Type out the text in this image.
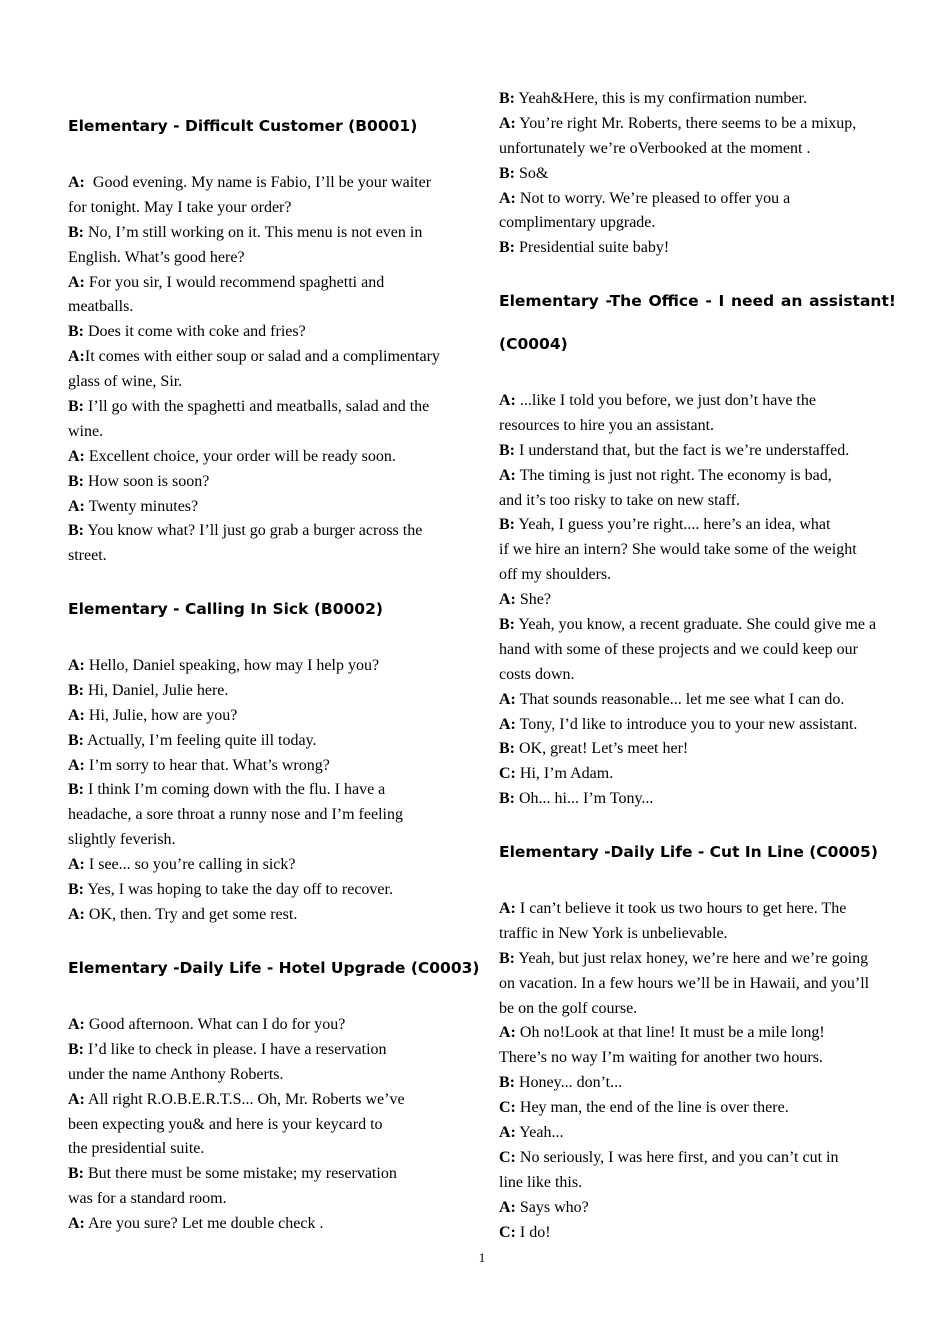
Elementary - Difficult Customer (B0001)
A:  Good evening. My name is Fabio, I’ll be your waiter
for tonight. May I take your order?
B: No, I’m still working on it. This menu is not even in
English. What’s good here?
A: For you sir, I would recommend spaghetti and
meatballs.
B: Does it come with coke and fries?
A:It comes with either soup or salad and a complimentary
glass of wine, Sir.
B: I’ll go with the spaghetti and meatballs, salad and the
wine.
A: Excellent choice, your order will be ready soon.
B: How soon is soon?
A: Twenty minutes?
B: You know what? I’ll just go grab a burger across the
street.
Elementary - Calling In Sick (B0002)
A: Hello, Daniel speaking, how may I help you?
B: Hi, Daniel, Julie here.
A: Hi, Julie, how are you?
B: Actually, I’m feeling quite ill today.
A: I’m sorry to hear that. What’s wrong?
B: I think I’m coming down with the flu. I have a
headache, a sore throat a runny nose and I’m feeling
slightly feverish.
A: I see... so you’re calling in sick?
B: Yes, I was hoping to take the day off to recover.
A: OK, then. Try and get some rest.
Elementary -Daily Life - Hotel Upgrade (C0003)
A: Good afternoon. What can I do for you?
B: I’d like to check in please. I have a reservation
under the name Anthony Roberts.
A: All right R.O.B.E.R.T.S... Oh, Mr. Roberts we’ve
been expecting you& and here is your keycard to
the presidential suite.
B: But there must be some mistake; my reservation
was for a standard room.
A: Are you sure? Let me double check .
B: Yeah&Here, this is my confirmation number.
A: You’re right Mr. Roberts, there seems to be a mixup,
unfortunately we’re oVerbooked at the moment .
B: So&
A: Not to worry. We’re pleased to offer you a
complimentary upgrade.
B: Presidential suite baby!
Elementary -The Office - I need an assistant!
(C0004)
A: ...like I told you before, we just don’t have the
resources to hire you an assistant.
B: I understand that, but the fact is we’re understaffed.
A: The timing is just not right. The economy is bad,
and it’s too risky to take on new staff.
B: Yeah, I guess you’re right.... here’s an idea, what
if we hire an intern? She would take some of the weight
off my shoulders.
A: She?
B: Yeah, you know, a recent graduate. She could give me a
hand with some of these projects and we could keep our
costs down.
A: That sounds reasonable... let me see what I can do.
A: Tony, I’d like to introduce you to your new assistant.
B: OK, great! Let’s meet her!
C: Hi, I’m Adam.
B: Oh... hi... I’m Tony...
Elementary -Daily Life - Cut In Line (C0005)
A: I can’t believe it took us two hours to get here. The
traffic in New York is unbelievable.
B: Yeah, but just relax honey, we’re here and we’re going
on vacation. In a few hours we’ll be in Hawaii, and you’ll
be on the golf course.
A: Oh no!Look at that line! It must be a mile long!
There’s no way I’m waiting for another two hours.
B: Honey... don’t...
C: Hey man, the end of the line is over there.
A: Yeah...
C: No seriously, I was here first, and you can’t cut in
line like this.
A: Says who?
C: I do!
1
